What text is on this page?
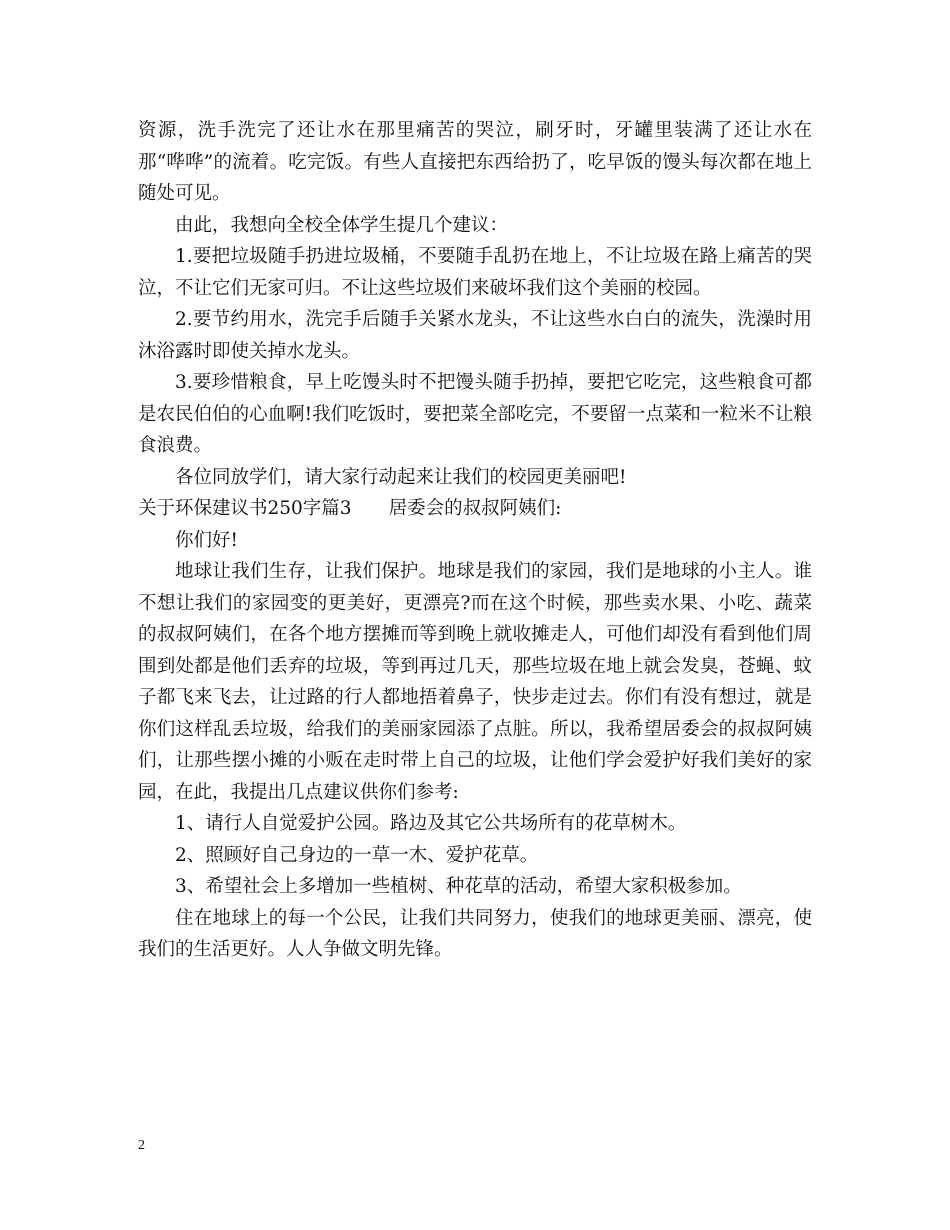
资源，洗手洗完了还让水在那里痛苦的哭泣，刷牙时，牙罐里装满了还让水在那“哗哗”的流着。吃完饭。有些人直接把东西给扔了，吃早饭的馒头每次都在地上随处可见。

由此，我想向全校全体学生提几个建议：

1.要把垃圾随手扔进垃圾桶，不要随手乱扔在地上，不让垃圾在路上痛苦的哭泣，不让它们无家可归。不让这些垃圾们来破坏我们这个美丽的校园。

2.要节约用水，洗完手后随手关紧水龙头，不让这些水白白的流失，洗澡时用沐浴露时即使关掉水龙头。

3.要珍惜粮食，早上吃馒头时不把馒头随手扔掉，要把它吃完，这些粮食可都是农民伯伯的心血啊!我们吃饭时，要把菜全部吃完，不要留一点菜和一粒米不让粮食浪费。

各位同放学们，请大家行动起来让我们的校园更美丽吧!

关于环保建议书250字篇3　　居委会的叔叔阿姨们:

你们好!

地球让我们生存，让我们保护。地球是我们的家园，我们是地球的小主人。谁不想让我们的家园变的更美好，更漂亮?而在这个时候，那些卖水果、小吃、蔬菜的叔叔阿姨们，在各个地方摆摊而等到晚上就收摊走人，可他们却没有看到他们周围到处都是他们丢弃的垃圾，等到再过几天，那些垃圾在地上就会发臭，苍蝇、蚊子都飞来飞去，让过路的行人都地捂着鼻子，快步走过去。你们有没有想过，就是你们这样乱丢垃圾，给我们的美丽家园添了点脏。所以，我希望居委会的叔叔阿姨们，让那些摆小摊的小贩在走时带上自己的垃圾，让他们学会爱护好我们美好的家园，在此，我提出几点建议供你们参考:

1、请行人自觉爱护公园。路边及其它公共场所有的花草树木。

2、照顾好自己身边的一草一木、爱护花草。

3、希望社会上多增加一些植树、种花草的活动，希望大家积极参加。

住在地球上的每一个公民，让我们共同努力，使我们的地球更美丽、漂亮，使我们的生活更好。人人争做文明先锋。

2
